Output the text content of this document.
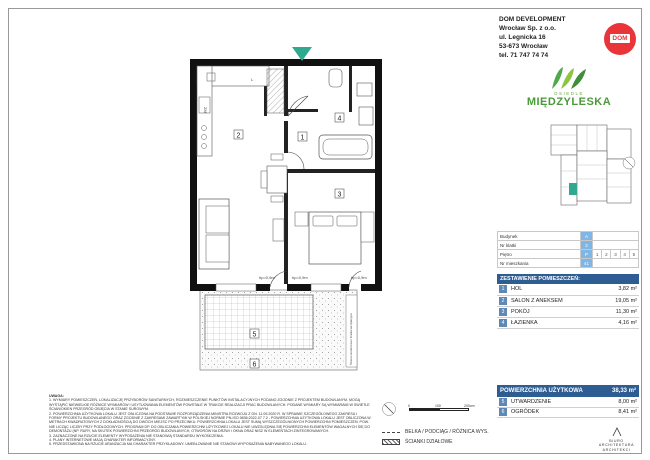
2	1
4
3
5
6
ZM
L
hp=0,9m	hp=0,9m	hp=0,9m
Ściana szczelinowa / Kratka wentylacyjna
DOM DEVELOPMENT
Wrocław Sp. z o.o.
ul. Legnicka 16
53-673 Wrocław
tel. 71 747 74 74
DOM
OSIEDLE
MIĘDZYLESKA
Budynek	A					
Nr klatki	2					
Piętro	P	1	2	3	4	5
Nr mieszkania	41					
ZESTAWIENIE POMIESZCZEŃ:
1	HOL	3,82 m²
2	SALON Z ANEKSEM	19,05 m²
3	POKÓJ	11,30 m²
4	ŁAZIENKA	4,16 m²
POWIERZCHNIA UŻYTKOWA	38,33 m²
5	UTWARDZENIE	8,00 m²
6	OGRÓDEK	8,41 m²
UWAGA:
1. WYMIARY POMIESZCZEŃ, LOKALIZACJĘ PRZYBORÓW SANITARNYCH, ROZMIESZCZENIE PUNKTÓW INSTALACYJNYCH PODANO ZGODNIE Z PROJEKTEM BUDOWLANYM. MOGĄ WYSTĄPIĆ NIEWIELKIE RÓŻNICE WYMIARÓW I USYTUOWANIA ELEMENTÓW POWSTAŁE W TRAKCIE REALIZACJI PRAC BUDOWLANYCH. PODANE WYMIARY SĄ WYMIARAMI W SWIETLE ŚCIAN/OKIEN PRZEGRÓD OBJĘCIA W STANIE SUROWYM.
2. POWIERZCHNIA UŻYTKOWA LOKALU JEST OBLICZONA NA PODSTAWIE ROZPORZĄDZENIA MINISTRA ROZWOJU Z DN. 11.09.2020 R. W SPRAWIE SZCZEGÓŁOWEGO ZAKRESU I FORMY PROJEKTU BUDOWLANEGO ORAZ ZGODNIE Z ZAKRESAMI ZAWARTYMI W POLSKIEJ NORMIE PN-ISO 9836:2022-07 7.2 - POWIERZCHNIA UŻYTKOWA LOKALU JEST OBLICZONA W METRACH KWADRATOWYCH Z DOKŁADNOŚCIĄ DO DWÓCH MIEJSC PO PRZECINKU. POWIERZCHNIA LOKALU JEST SUMĄ WYSZCZEGÓLNIONYCH POWIERZCHNI POMIESZCZEŃ. POW. NIE LICZĄC LICZBY PRZY PODŁOGOWYCH. PROGRAM DP. DO OBLICZANIA POWIERZCHNI UŻYTKOWEJ LOKALU NIE UWZGLĘDNIA SIĘ POWIERZCHNI ELEMENTÓW WAGALNYCH SIĘ DO DEMONTAŻU (NP. RURY, NA SKUTEK POWIERZCHNI PRZEGRÓD BUDOWLANYCH, OTWORÓW NA DRZWI I OKNA ORAZ NISZ W ELEMENTACH ZINTEGROWANYCH.
3. ZAZNACZONE NA RZUCIE ELEMENTY WYPOSAŻENIA NIE STANOWIĄ STANDARDU WYKOŃCZENIA.
4. PLANY INTERNETOWE MAJĄ CHARAKTER INFORMACYJNY.
5. PRZEDSTAWIONA NA RZUCIE ARANŻACJA MA CHARAKTER PRZYKŁADOWY. UMEBLOWANIE NIE STANOWI WYPOSAŻENIA NABYWANEGO LOKALU.
0	100	200cm
BELKA / PODCIĄG / RÓŻNICA WYS.
ŚCIANKI DZIAŁOWE	BIURO
ARCHITEKTURA
ARCHITEKCI
